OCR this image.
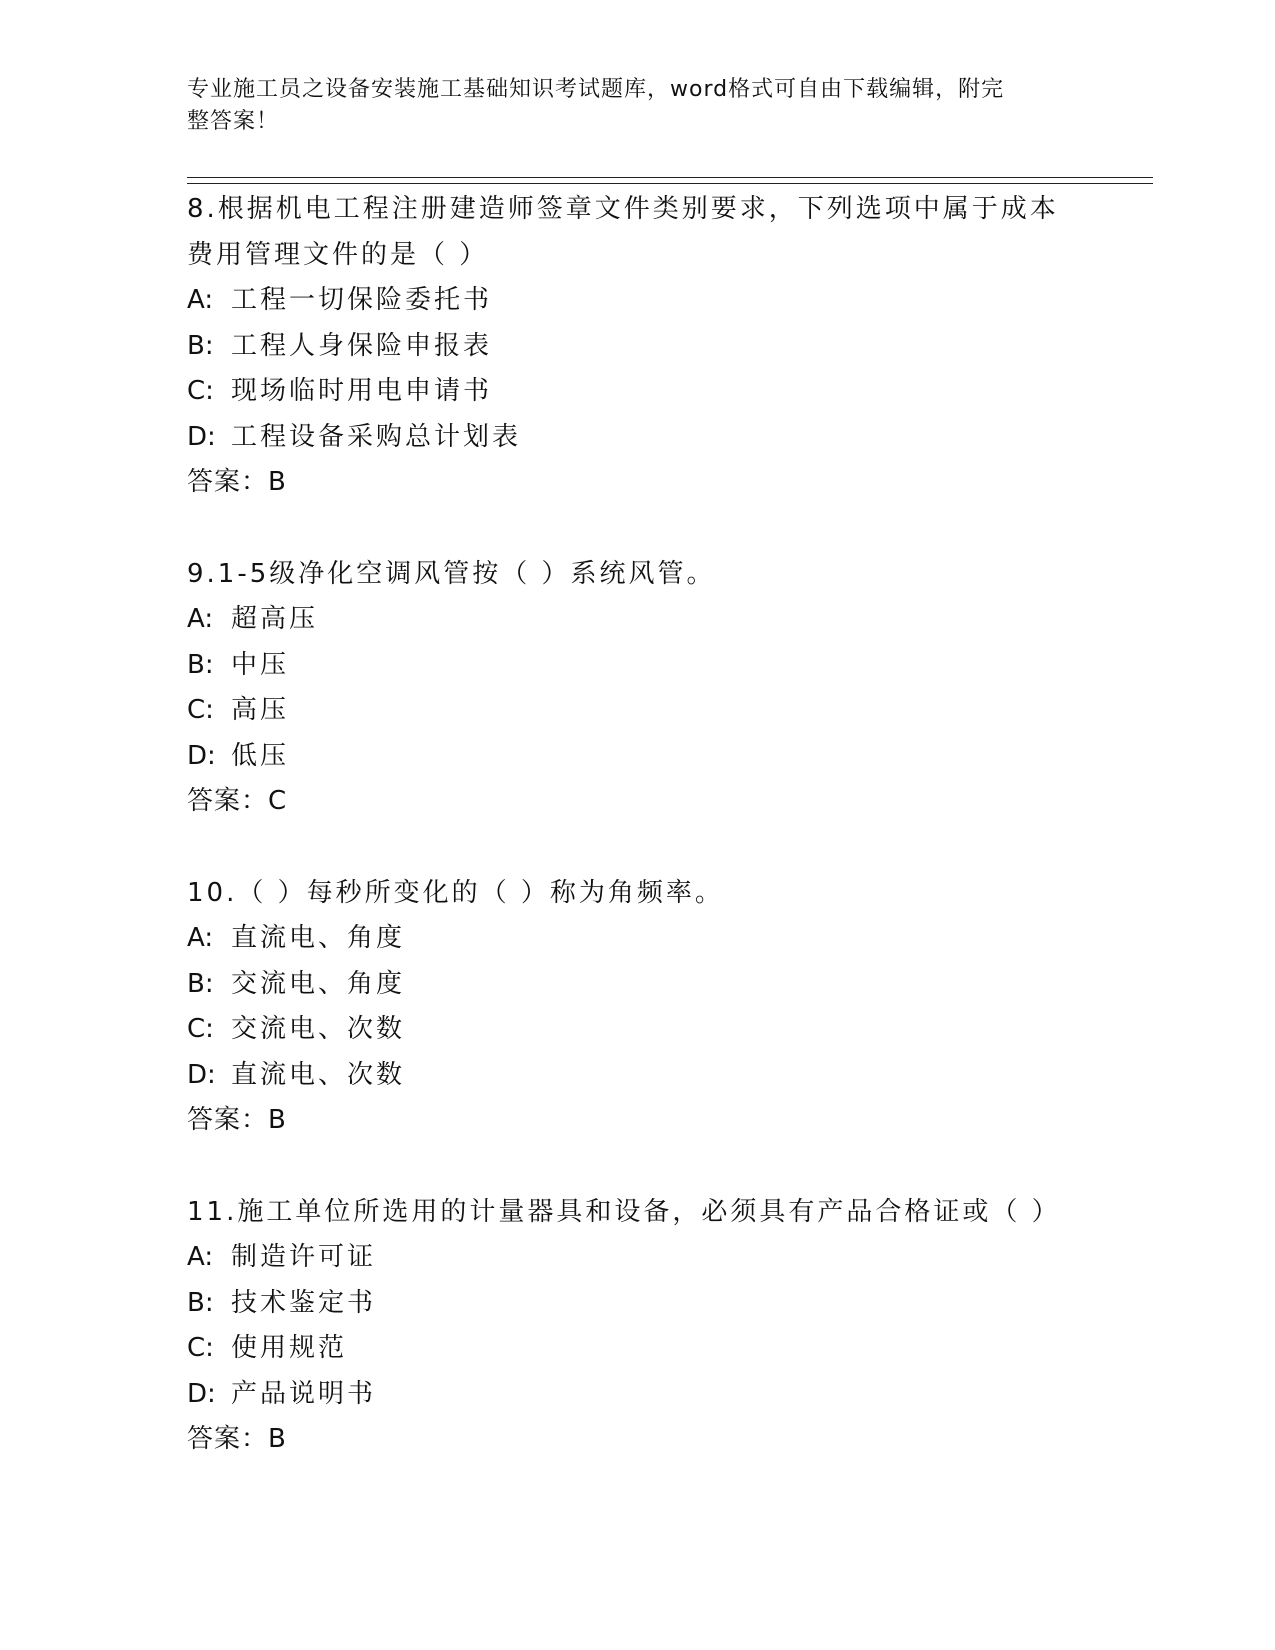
专业施工员之设备安装施工基础知识考试题库，word格式可自由下载编辑，附完
整答案！
8.根据机电工程注册建造师签章文件类别要求，下列选项中属于成本
费用管理文件的是（ ）
A: 工程一切保险委托书
B: 工程人身保险申报表
C: 现场临时用电申请书
D: 工程设备采购总计划表
答案：B
9.1-5级净化空调风管按（ ）系统风管。
A: 超高压
B: 中压
C: 高压
D: 低压
答案：C
10.（ ）每秒所变化的（ ）称为角频率。
A: 直流电、角度
B: 交流电、角度
C: 交流电、次数
D: 直流电、次数
答案：B
11.施工单位所选用的计量器具和设备，必须具有产品合格证或（ ）
A: 制造许可证
B: 技术鉴定书
C: 使用规范
D: 产品说明书
答案：B
